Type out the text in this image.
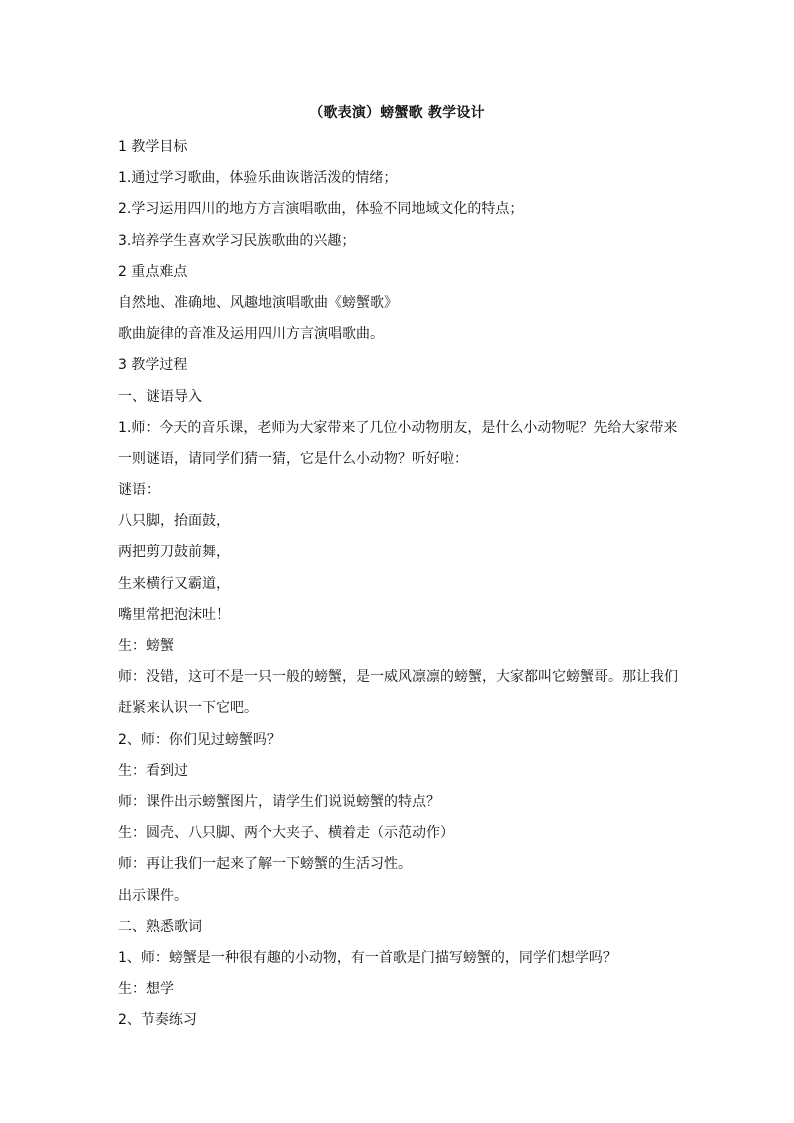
（歌表演）螃蟹歌 教学设计
1 教学目标
1.通过学习歌曲，体验乐曲诙谐活泼的情绪；
2.学习运用四川的地方方言演唱歌曲，体验不同地域文化的特点；
3.培养学生喜欢学习民族歌曲的兴趣；
2 重点难点
自然地、准确地、风趣地演唱歌曲《螃蟹歌》
歌曲旋律的音准及运用四川方言演唱歌曲。
3 教学过程
一、谜语导入
1.师：今天的音乐课，老师为大家带来了几位小动物朋友，是什么小动物呢？先给大家带来
一则谜语，请同学们猜一猜，它是什么小动物？听好啦：
谜语：
八只脚，抬面鼓，
两把剪刀鼓前舞，
生来横行又霸道，
嘴里常把泡沫吐！
生：螃蟹
师：没错，这可不是一只一般的螃蟹，是一威风凛凛的螃蟹，大家都叫它螃蟹哥。那让我们
赶紧来认识一下它吧。
2、师：你们见过螃蟹吗？
生：看到过
师：课件出示螃蟹图片，请学生们说说螃蟹的特点？
生：圆壳、八只脚、两个大夹子、横着走（示范动作）
师：再让我们一起来了解一下螃蟹的生活习性。
出示课件。
二、熟悉歌词
1、师：螃蟹是一种很有趣的小动物，有一首歌是门描写螃蟹的，同学们想学吗？
生：想学
2、节奏练习
